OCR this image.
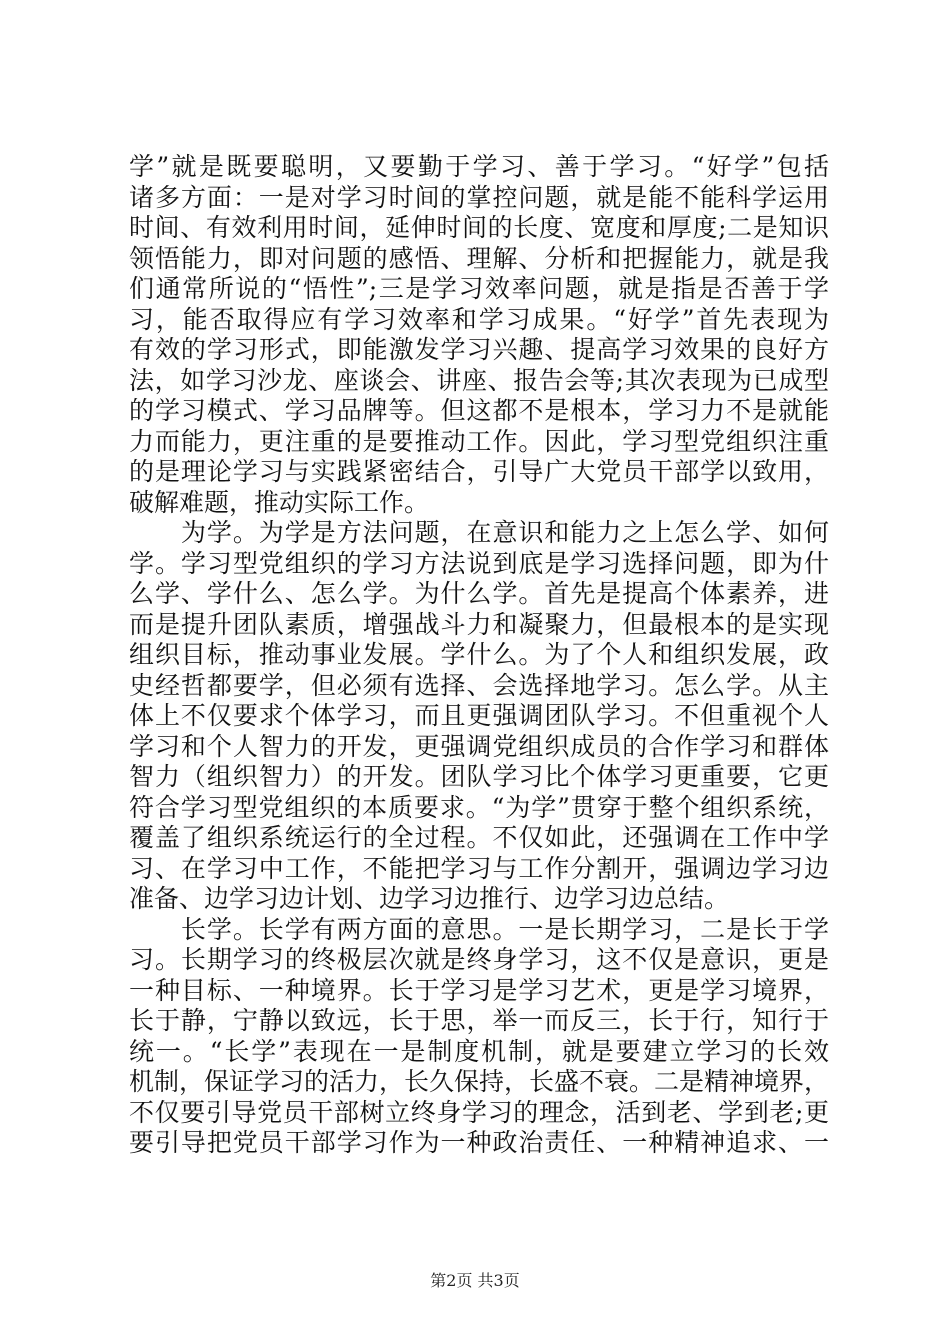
学”就是既要聪明，又要勤于学习、善于学习。“好学”包括
诸多方面：一是对学习时间的掌控问题，就是能不能科学运用
时间、有效利用时间，延伸时间的长度、宽度和厚度;二是知识
领悟能力，即对问题的感悟、理解、分析和把握能力，就是我
们通常所说的“悟性”;三是学习效率问题，就是指是否善于学
习，能否取得应有学习效率和学习成果。“好学”首先表现为
有效的学习形式，即能激发学习兴趣、提高学习效果的良好方
法，如学习沙龙、座谈会、讲座、报告会等;其次表现为已成型
的学习模式、学习品牌等。但这都不是根本，学习力不是就能
力而能力，更注重的是要推动工作。因此，学习型党组织注重
的是理论学习与实践紧密结合，引导广大党员干部学以致用，
破解难题，推动实际工作。
　　为学。为学是方法问题，在意识和能力之上怎么学、如何
学。学习型党组织的学习方法说到底是学习选择问题，即为什
么学、学什么、怎么学。为什么学。首先是提高个体素养，进
而是提升团队素质，增强战斗力和凝聚力，但最根本的是实现
组织目标，推动事业发展。学什么。为了个人和组织发展，政
史经哲都要学，但必须有选择、会选择地学习。怎么学。从主
体上不仅要求个体学习，而且更强调团队学习。不但重视个人
学习和个人智力的开发，更强调党组织成员的合作学习和群体
智力（组织智力）的开发。团队学习比个体学习更重要，它更
符合学习型党组织的本质要求。“为学”贯穿于整个组织系统，
覆盖了组织系统运行的全过程。不仅如此，还强调在工作中学
习、在学习中工作，不能把学习与工作分割开，强调边学习边
准备、边学习边计划、边学习边推行、边学习边总结。
　　长学。长学有两方面的意思。一是长期学习，二是长于学
习。长期学习的终极层次就是终身学习，这不仅是意识，更是
一种目标、一种境界。长于学习是学习艺术，更是学习境界，
长于静，宁静以致远，长于思，举一而反三，长于行，知行于
统一。“长学”表现在一是制度机制，就是要建立学习的长效
机制，保证学习的活力，长久保持，长盛不衰。二是精神境界，
不仅要引导党员干部树立终身学习的理念，活到老、学到老;更
要引导把党员干部学习作为一种政治责任、一种精神追求、一
第2页 共3页
